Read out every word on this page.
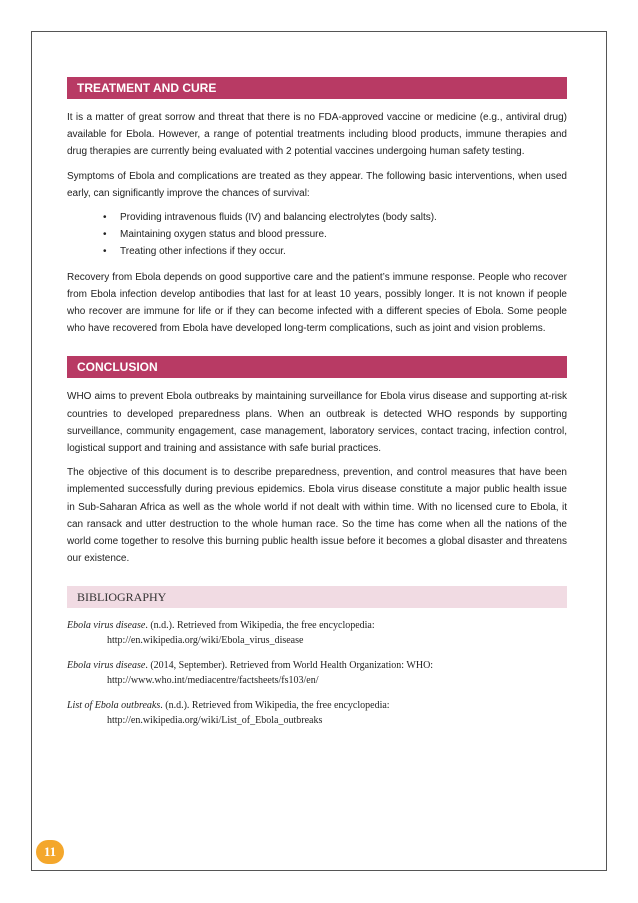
TREATMENT AND CURE

It is a matter of great sorrow and threat that there is no FDA-approved vaccine or medicine (e.g., antiviral drug) available for Ebola. However, a range of potential treatments including blood products, immune therapies and drug therapies are currently being evaluated with 2 potential vaccines undergoing human safety testing.

Symptoms of Ebola and complications are treated as they appear. The following basic interventions, when used early, can significantly improve the chances of survival:

• Providing intravenous fluids (IV) and balancing electrolytes (body salts).
• Maintaining oxygen status and blood pressure.
• Treating other infections if they occur.

Recovery from Ebola depends on good supportive care and the patient’s immune response. People who recover from Ebola infection develop antibodies that last for at least 10 years, possibly longer. It is not known if people who recover are immune for life or if they can become infected with a different species of Ebola. Some people who have recovered from Ebola have developed long-term complications, such as joint and vision problems.

CONCLUSION

WHO aims to prevent Ebola outbreaks by maintaining surveillance for Ebola virus disease and supporting at-risk countries to developed preparedness plans. When an outbreak is detected WHO responds by supporting surveillance, community engagement, case management, laboratory services, contact tracing, infection control, logistical support and training and assistance with safe burial practices.

The objective of this document is to describe preparedness, prevention, and control measures that have been implemented successfully during previous epidemics. Ebola virus disease constitute a major public health issue in Sub-Saharan Africa as well as the whole world if not dealt with within time. With no licensed cure to Ebola, it can ransack and utter destruction to the whole human race. So the time has come when all the nations of the world come together to resolve this burning public health issue before it becomes a global disaster and threatens our existence.

BIBLIOGRAPHY
Ebola virus disease. (n.d.). Retrieved from Wikipedia, the free encyclopedia:
http://en.wikipedia.org/wiki/Ebola_virus_disease
Ebola virus disease. (2014, September). Retrieved from World Health Organization: WHO:
http://www.who.int/mediacentre/factsheets/fs103/en/
List of Ebola outbreaks. (n.d.). Retrieved from Wikipedia, the free encyclopedia:
http://en.wikipedia.org/wiki/List_of_Ebola_outbreaks
11
